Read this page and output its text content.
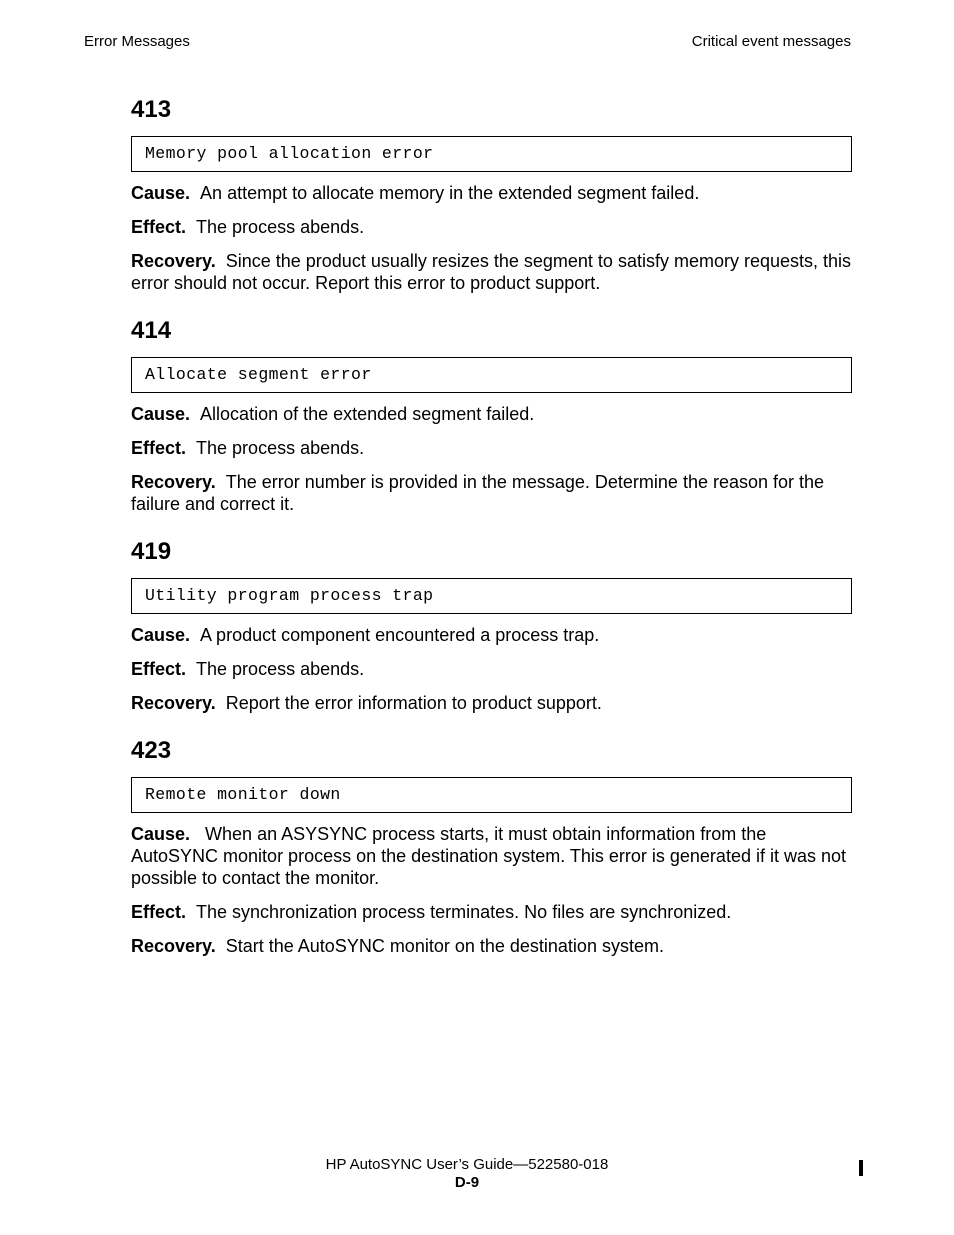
Error Messages	Critical event messages
413
Memory pool allocation error

Cause. An attempt to allocate memory in the extended segment failed.

Effect. The process abends.

Recovery. Since the product usually resizes the segment to satisfy memory requests, this error should not occur. Report this error to product support.

414
Allocate segment error

Cause. Allocation of the extended segment failed.

Effect. The process abends.

Recovery. The error number is provided in the message. Determine the reason for the failure and correct it.

419
Utility program process trap

Cause. A product component encountered a process trap.

Effect. The process abends.

Recovery. Report the error information to product support.

423
Remote monitor down

Cause. When an ASYSYNC process starts, it must obtain information from the AutoSYNC monitor process on the destination system. This error is generated if it was not possible to contact the monitor.

Effect. The synchronization process terminates. No files are synchronized.

Recovery. Start the AutoSYNC monitor on the destination system.

HP AutoSYNC User’s Guide—522580-018
D-9
